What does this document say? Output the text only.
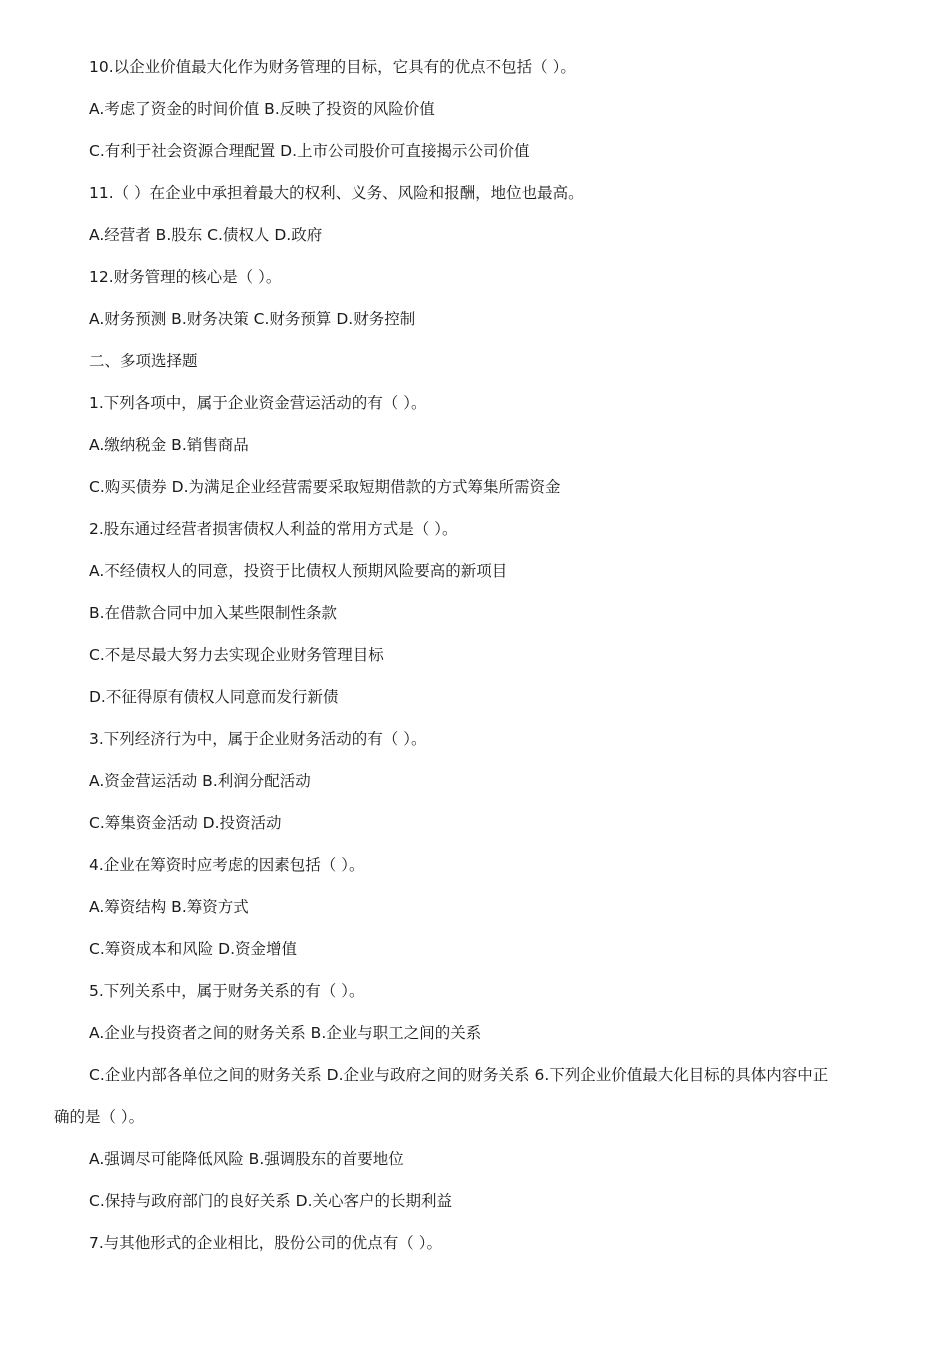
10.以企业价值最大化作为财务管理的目标，它具有的优点不包括（ ）。
A.考虑了资金的时间价值 B.反映了投资的风险价值
C.有利于社会资源合理配置 D.上市公司股价可直接揭示公司价值
11.（ ）在企业中承担着最大的权利、义务、风险和报酬，地位也最高。
A.经营者 B.股东 C.债权人 D.政府
12.财务管理的核心是（ ）。
A.财务预测 B.财务决策 C.财务预算 D.财务控制
二、多项选择题
1.下列各项中，属于企业资金营运活动的有（ ）。
A.缴纳税金 B.销售商品
C.购买债券 D.为满足企业经营需要采取短期借款的方式筹集所需资金
2.股东通过经营者损害债权人利益的常用方式是（ ）。
A.不经债权人的同意，投资于比债权人预期风险要高的新项目
B.在借款合同中加入某些限制性条款
C.不是尽最大努力去实现企业财务管理目标
D.不征得原有债权人同意而发行新债
3.下列经济行为中，属于企业财务活动的有（ ）。
A.资金营运活动 B.利润分配活动
C.筹集资金活动 D.投资活动
4.企业在筹资时应考虑的因素包括（ ）。
A.筹资结构 B.筹资方式
C.筹资成本和风险 D.资金增值
5.下列关系中，属于财务关系的有（ ）。
A.企业与投资者之间的财务关系 B.企业与职工之间的关系
C.企业内部各单位之间的财务关系 D.企业与政府之间的财务关系 6.下列企业价值最大化目标的具体内容中正
确的是（ ）。
A.强调尽可能降低风险 B.强调股东的首要地位
C.保持与政府部门的良好关系 D.关心客户的长期利益
7.与其他形式的企业相比，股份公司的优点有（ ）。
